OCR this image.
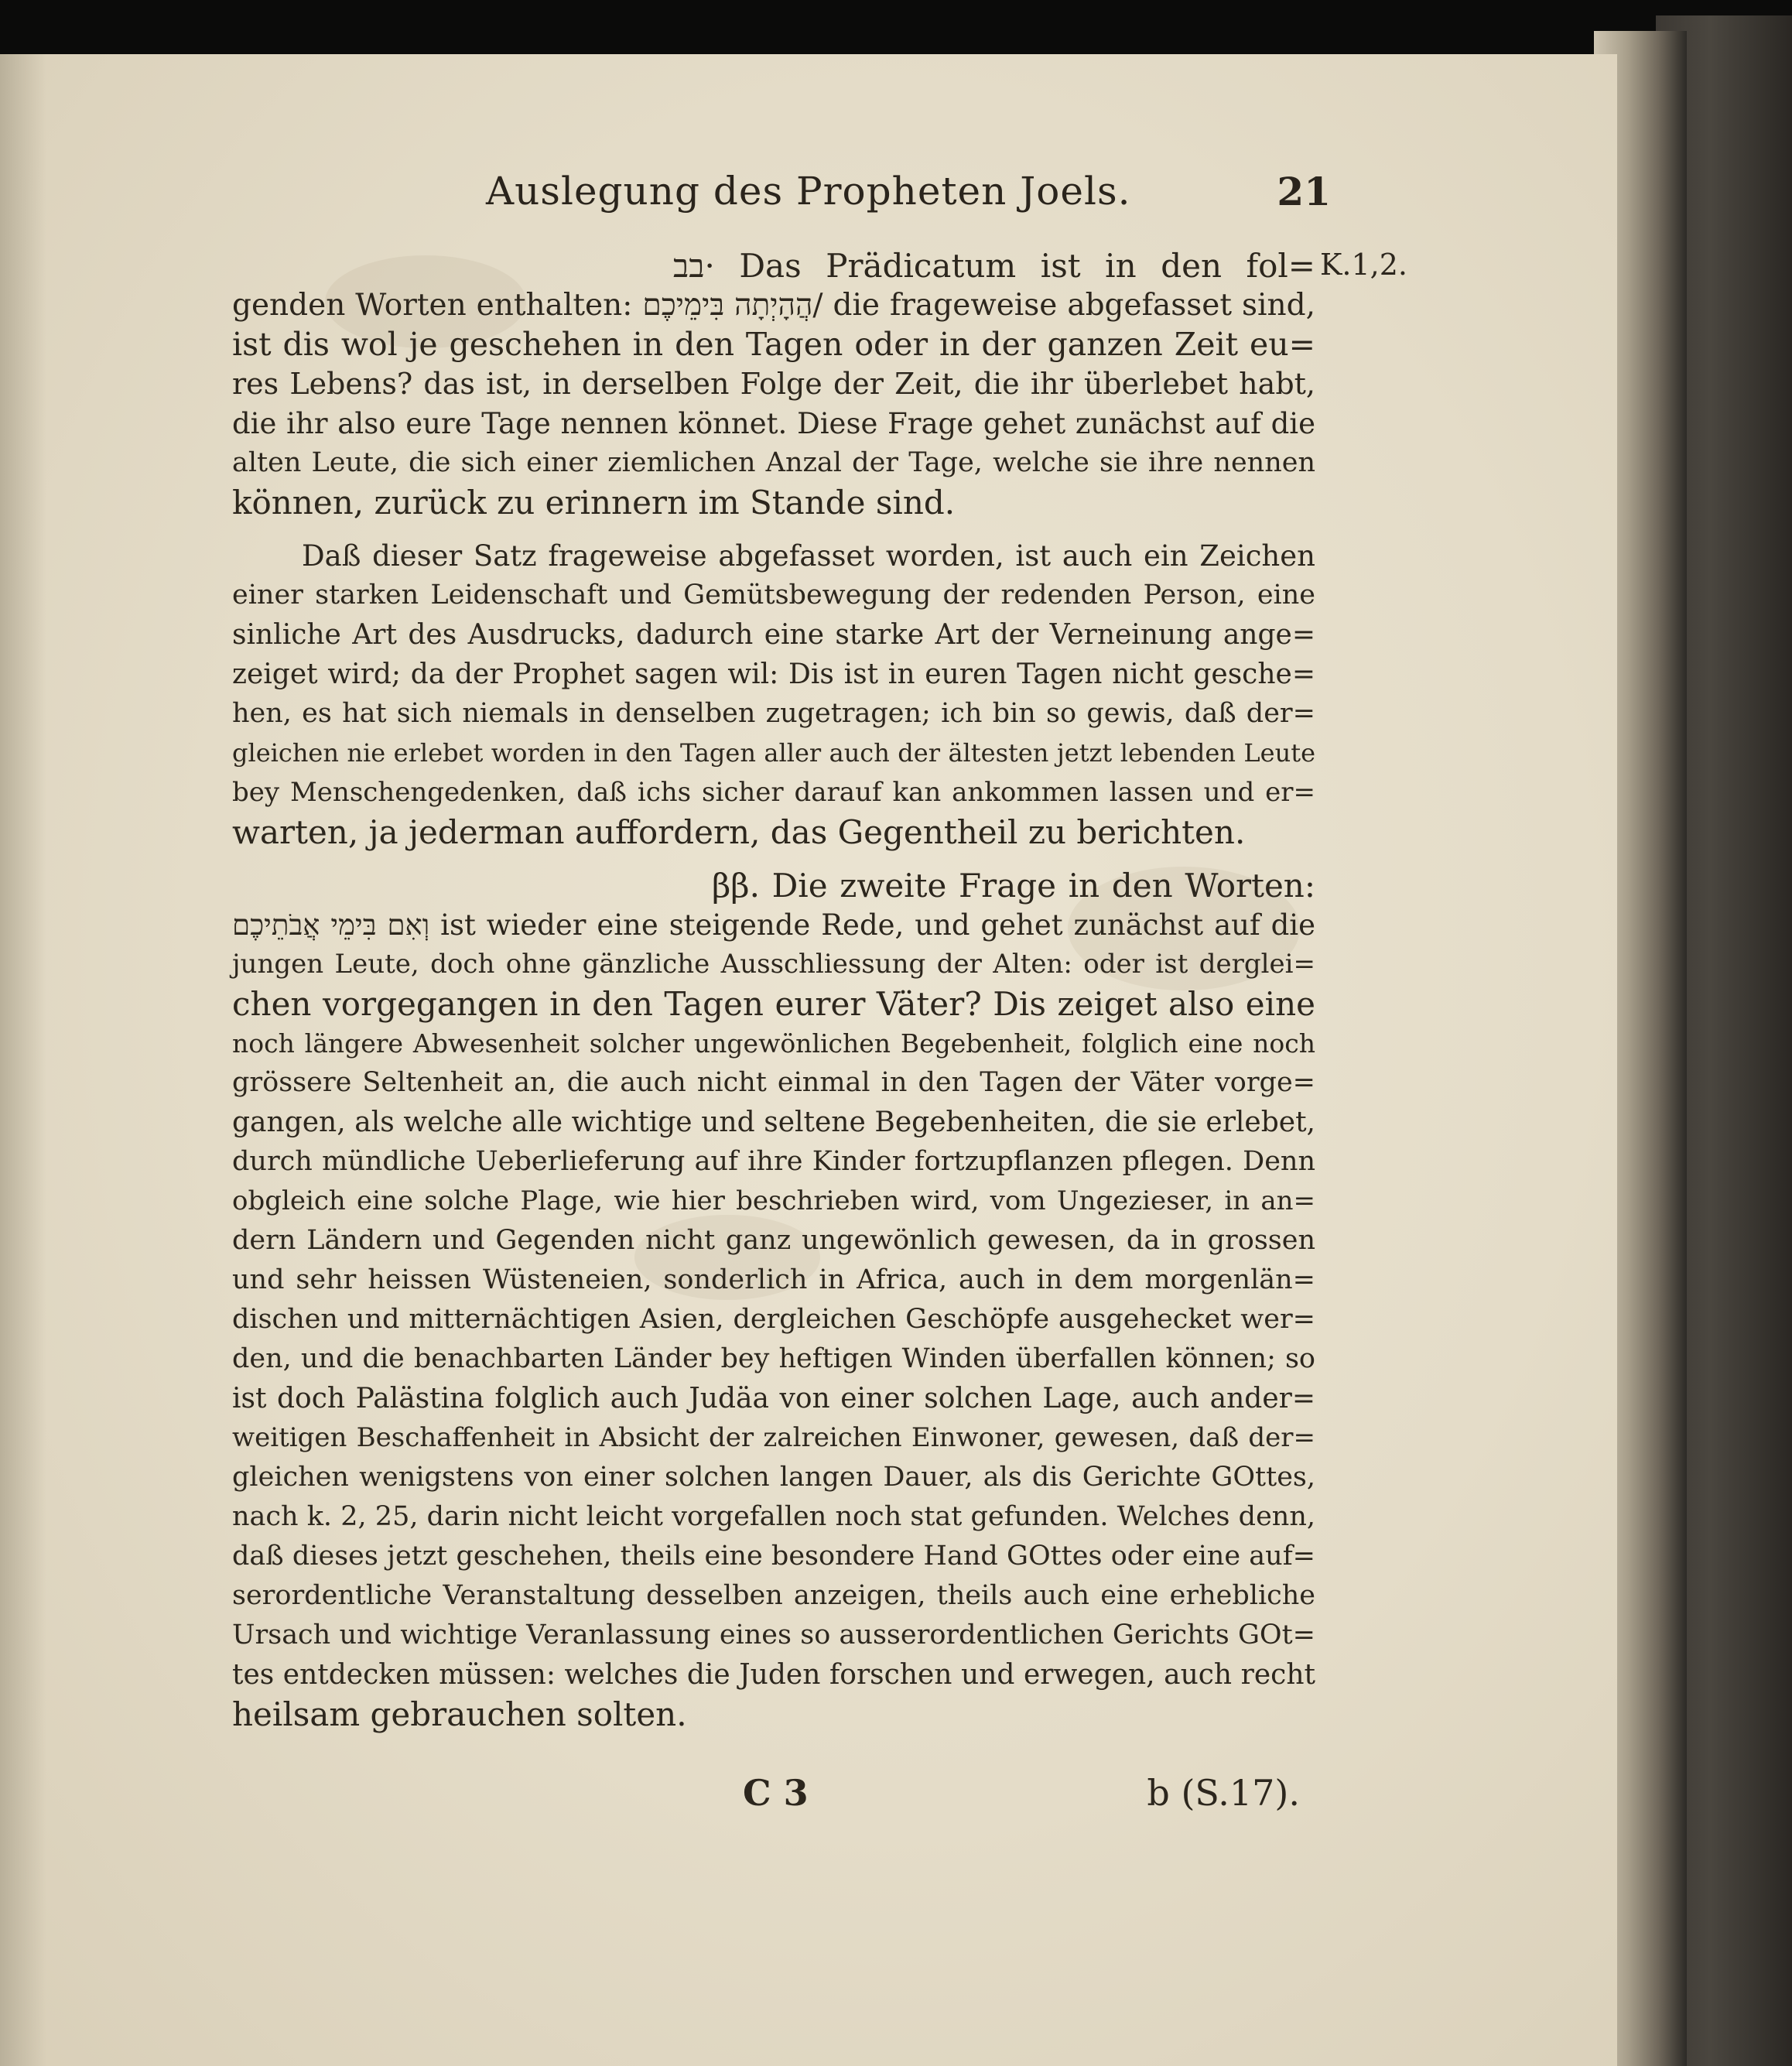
Auslegung des Propheten Joels.	21
K.1,2.
בב· Das Prädicatum ist in den fol=
genden Worten enthalten: הֲהָיְתָה בִּימֵיכֶם/ die frageweise abgefasset sind,
ist dis wol je geschehen in den Tagen oder in der ganzen Zeit eu=
res Lebens? das ist, in derselben Folge der Zeit, die ihr überlebet habt,
die ihr also eure Tage nennen könnet. Diese Frage gehet zunächst auf die
alten Leute, die sich einer ziemlichen Anzal der Tage, welche sie ihre nennen
können, zurück zu erinnern im Stande sind.
Daß dieser Satz frageweise abgefasset worden, ist auch ein Zeichen
einer starken Leidenschaft und Gemütsbewegung der redenden Person, eine
sinliche Art des Ausdrucks, dadurch eine starke Art der Verneinung ange=
zeiget wird; da der Prophet sagen wil: Dis ist in euren Tagen nicht gesche=
hen, es hat sich niemals in denselben zugetragen; ich bin so gewis, daß der=
gleichen nie erlebet worden in den Tagen aller auch der ältesten jetzt lebenden Leute
bey Menschengedenken, daß ichs sicher darauf kan ankommen lassen und er=
warten, ja jederman auffordern, das Gegentheil zu berichten.
ββ. Die zweite Frage in den Worten:
וְאִם בִּימֵי אֲבֹתֵיכֶם ist wieder eine steigende Rede, und gehet zunächst auf die
jungen Leute, doch ohne gänzliche Ausschliessung der Alten: oder ist derglei=
chen vorgegangen in den Tagen eurer Väter? Dis zeiget also eine
noch längere Abwesenheit solcher ungewönlichen Begebenheit, folglich eine noch
grössere Seltenheit an, die auch nicht einmal in den Tagen der Väter vorge=
gangen, als welche alle wichtige und seltene Begebenheiten, die sie erlebet,
durch mündliche Ueberlieferung auf ihre Kinder fortzupflanzen pflegen. Denn
obgleich eine solche Plage, wie hier beschrieben wird, vom Ungezieser, in an=
dern Ländern und Gegenden nicht ganz ungewönlich gewesen, da in grossen
und sehr heissen Wüsteneien, sonderlich in Africa, auch in dem morgenlän=
dischen und mitternächtigen Asien, dergleichen Geschöpfe ausgehecket wer=
den, und die benachbarten Länder bey heftigen Winden überfallen können; so
ist doch Palästina folglich auch Judäa von einer solchen Lage, auch ander=
weitigen Beschaffenheit in Absicht der zalreichen Einwoner, gewesen, daß der=
gleichen wenigstens von einer solchen langen Dauer, als dis Gerichte GOttes,
nach k. 2, 25, darin nicht leicht vorgefallen noch stat gefunden. Welches denn,
daß dieses jetzt geschehen, theils eine besondere Hand GOttes oder eine auf=
serordentliche Veranstaltung desselben anzeigen, theils auch eine erhebliche
Ursach und wichtige Veranlassung eines so ausserordentlichen Gerichts GOt=
tes entdecken müssen: welches die Juden forschen und erwegen, auch recht
heilsam gebrauchen solten.
C 3	b (S.17).
